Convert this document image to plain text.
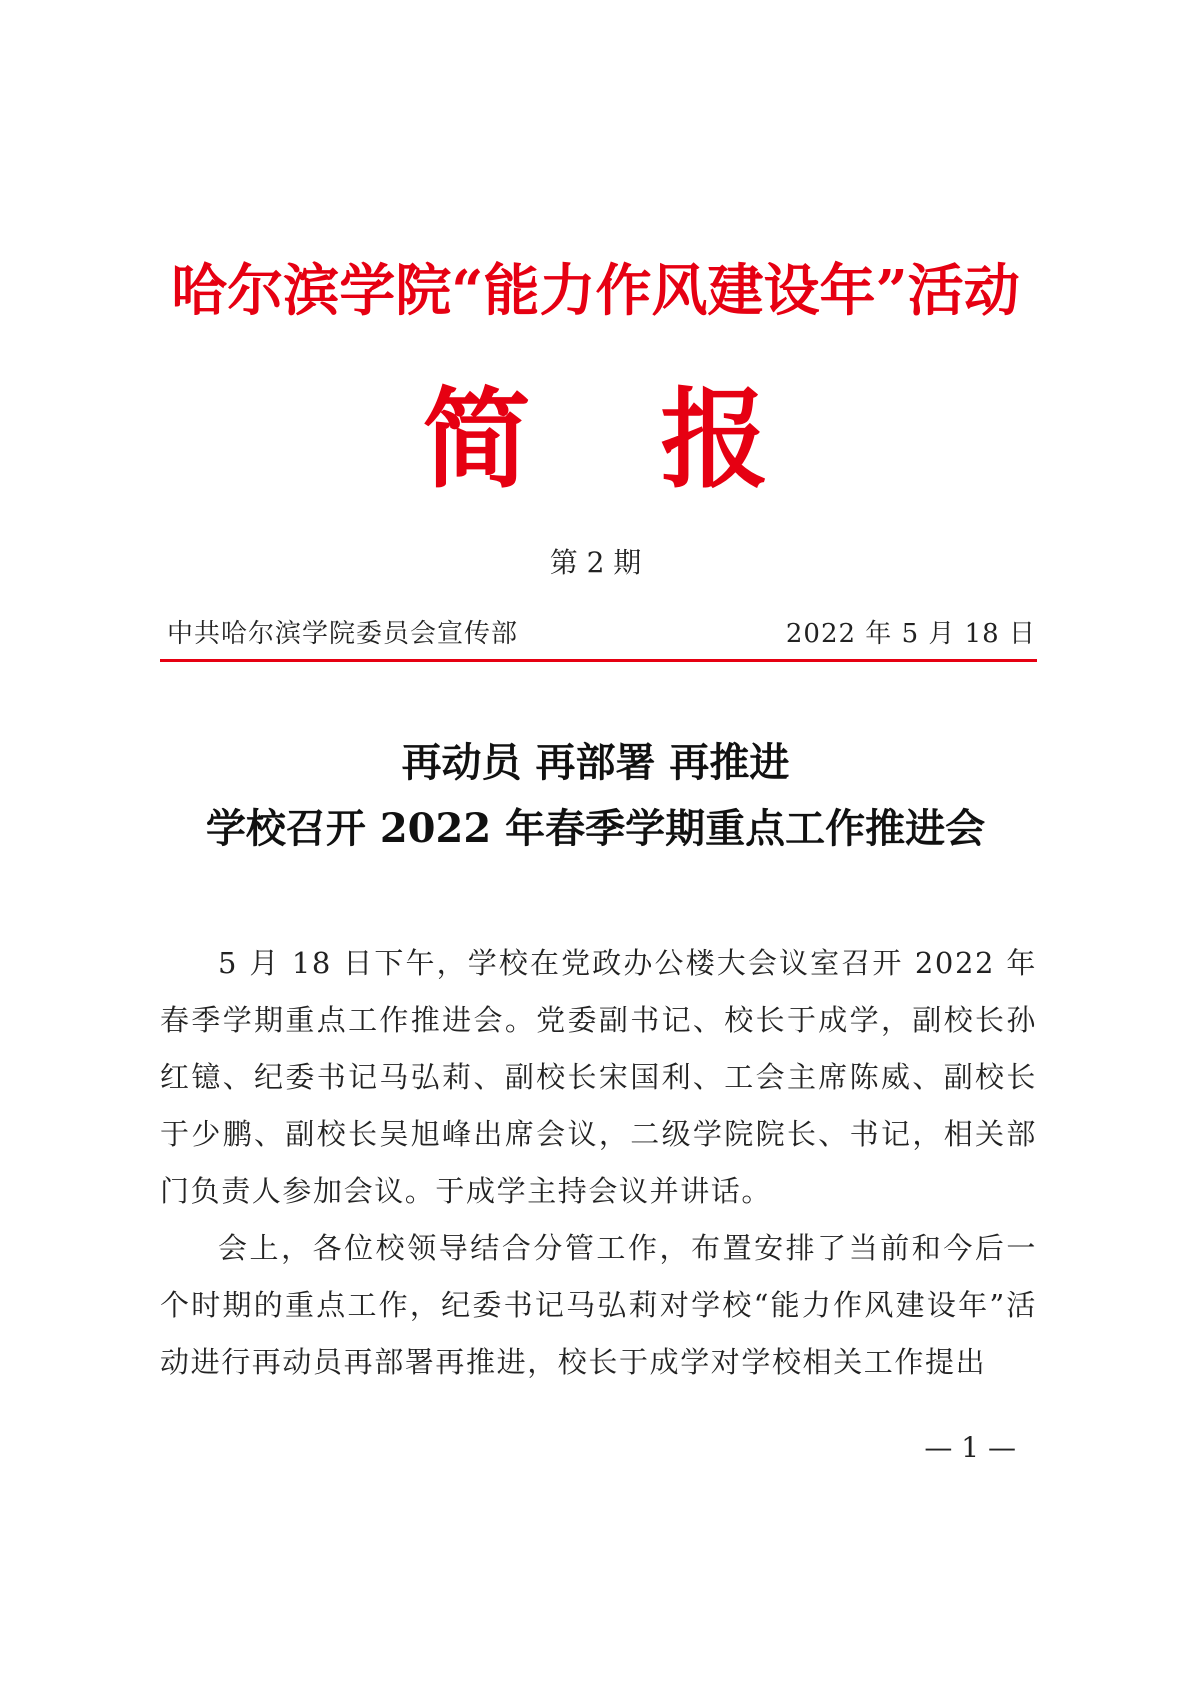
哈尔滨学院“能力作风建设年”活动
简 报
第 2 期
中共哈尔滨学院委员会宣传部	2022 年 5 月 18 日
再动员 再部署 再推进
学校召开 2022 年春季学期重点工作推进会

5 月 18 日下午，学校在党政办公楼大会议室召开 2022 年春季学期重点工作推进会。党委副书记、校长于成学，副校长孙红镱、纪委书记马弘莉、副校长宋国利、工会主席陈威、副校长于少鹏、副校长吴旭峰出席会议，二级学院院长、书记，相关部门负责人参加会议。于成学主持会议并讲话。

会上，各位校领导结合分管工作，布置安排了当前和今后一个时期的重点工作，纪委书记马弘莉对学校“能力作风建设年”活动进行再动员再部署再推进，校长于成学对学校相关工作提出

— 1 —
